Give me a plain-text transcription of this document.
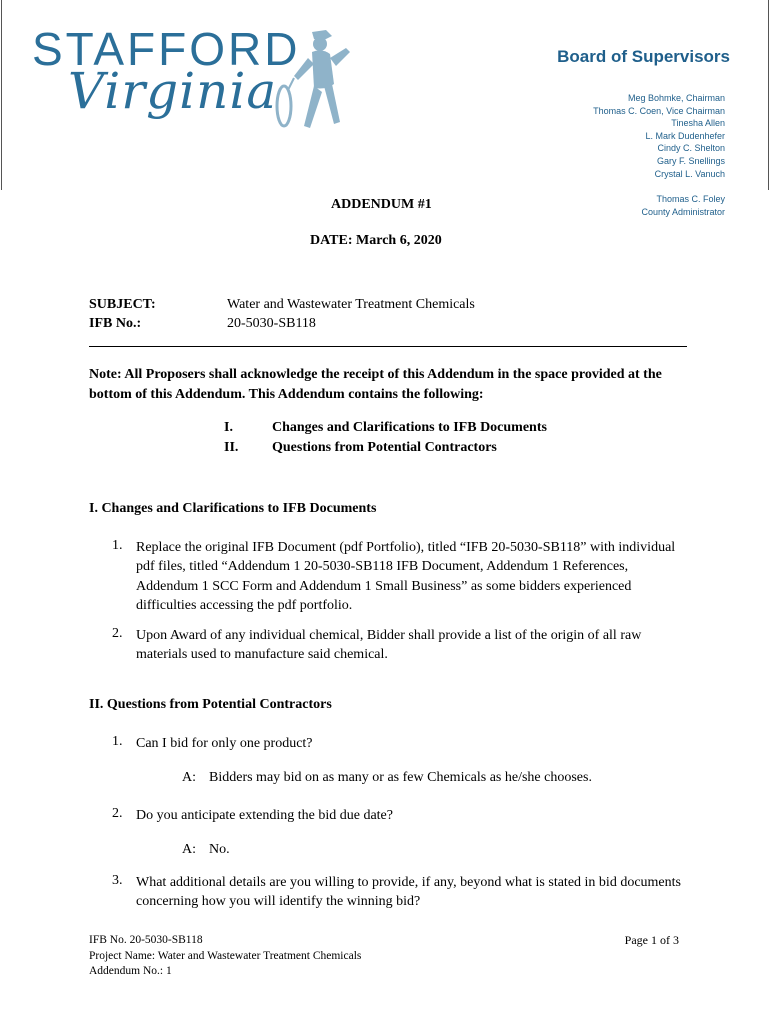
STAFFORD
Virginia
Board of Supervisors
Meg Bohmke, Chairman
Thomas C. Coen, Vice Chairman
Tinesha Allen
L. Mark Dudenhefer
Cindy C. Shelton
Gary F. Snellings
Crystal L. Vanuch
Thomas C. Foley
County Administrator
ADDENDUM #1
DATE: March 6, 2020
SUBJECT:	Water and Wastewater Treatment Chemicals
IFB No.:	20-5030-SB118
Note: All Proposers shall acknowledge the receipt of this Addendum in the space provided at the bottom of this Addendum. This Addendum contains the following:
I.	Changes and Clarifications to IFB Documents
II. Questions from Potential Contractors
I. Changes and Clarifications to IFB Documents
1. Replace the original IFB Document (pdf Portfolio), titled “IFB 20-5030-SB118” with individual pdf files, titled “Addendum 1 20-5030-SB118 IFB Document, Addendum 1 References, Addendum 1 SCC Form and Addendum 1 Small Business” as some bidders experienced difficulties accessing the pdf portfolio.
2. Upon Award of any individual chemical, Bidder shall provide a list of the origin of all raw materials used to manufacture said chemical.
II. Questions from Potential Contractors
1. Can I bid for only one product?
A: Bidders may bid on as many or as few Chemicals as he/she chooses.
2. Do you anticipate extending the bid due date?
A: No.
3. What additional details are you willing to provide, if any, beyond what is stated in bid documents concerning how you will identify the winning bid?
IFB No. 20-5030-SB118
Project Name: Water and Wastewater Treatment Chemicals
Addendum No.: 1
Page 1 of 3
